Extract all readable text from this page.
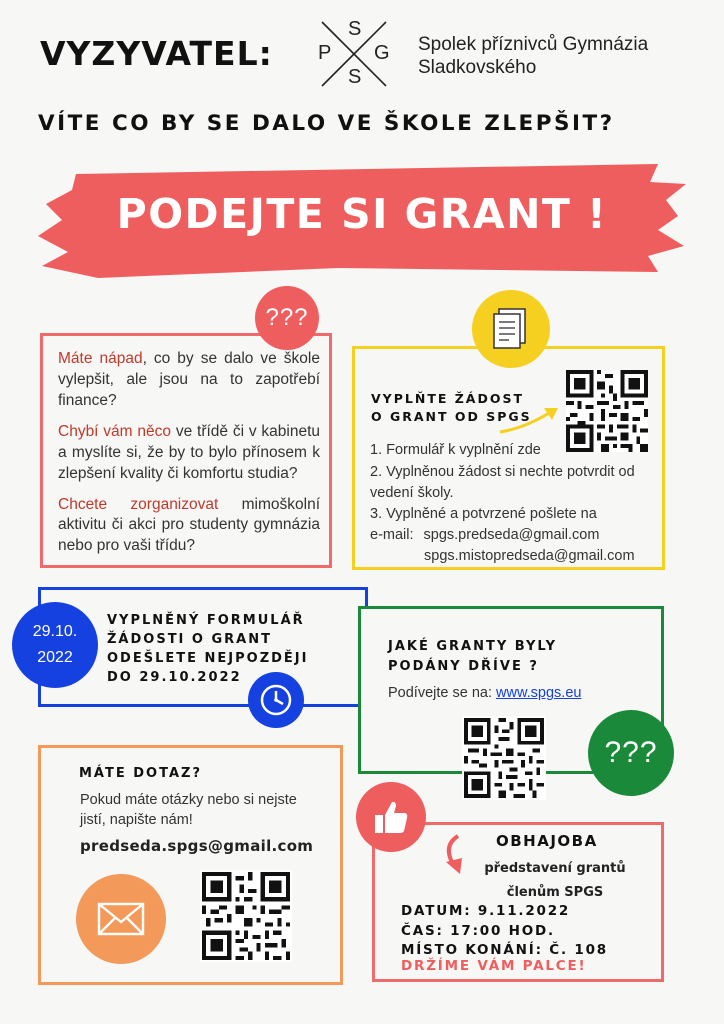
VYZYVATEL:
S
P G
S
Spolek příznivců Gymnázia
Sladkovského
VÍTE CO BY SE DALO VE ŠKOLE ZLEPŠIT?
PODEJTE SI GRANT !
???

Máte nápad, co by se dalo ve škole vylepšit, ale jsou na to zapotřebí finance?

Chybí vám něco ve třídě či v kabinetu a myslíte si, že by to bylo přínosem k zlepšení kvality či komfortu studia?

Chcete zorganizovat mimoškolní aktivitu či akci pro studenty gymnázia nebo pro vaši třídu?

VYPLŇTE ŽÁDOST
O GRANT OD SPGS
1. Formulář k vyplnění zde
2. Vyplněnou žádost si nechte potvrdit od vedení školy.
3. Vyplněné a potvrzené pošlete na
e-mail: spgs.predseda@gmail.com
spgs.mistopredseda@gmail.com
29.10.
2022
VYPLNĚNÝ FORMULÁŘ
ŽÁDOSTI O GRANT
ODEŠLETE NEJPOZDĚJI
DO 29.10.2022
JAKÉ GRANTY BYLY
PODÁNY DŘÍVE ?
Podívejte se na: www.spgs.eu
???
MÁTE DOTAZ?
Pokud máte otázky nebo si nejste jistí, napište nám!
predseda.spgs@gmail.com	OBHAJOBA
představení grantů
členům SPGS
DATUM: 9.11.2022
ČAS: 17:00 HOD.
MÍSTO KONÁNÍ: Č. 108
DRŽÍME VÁM PALCE!
